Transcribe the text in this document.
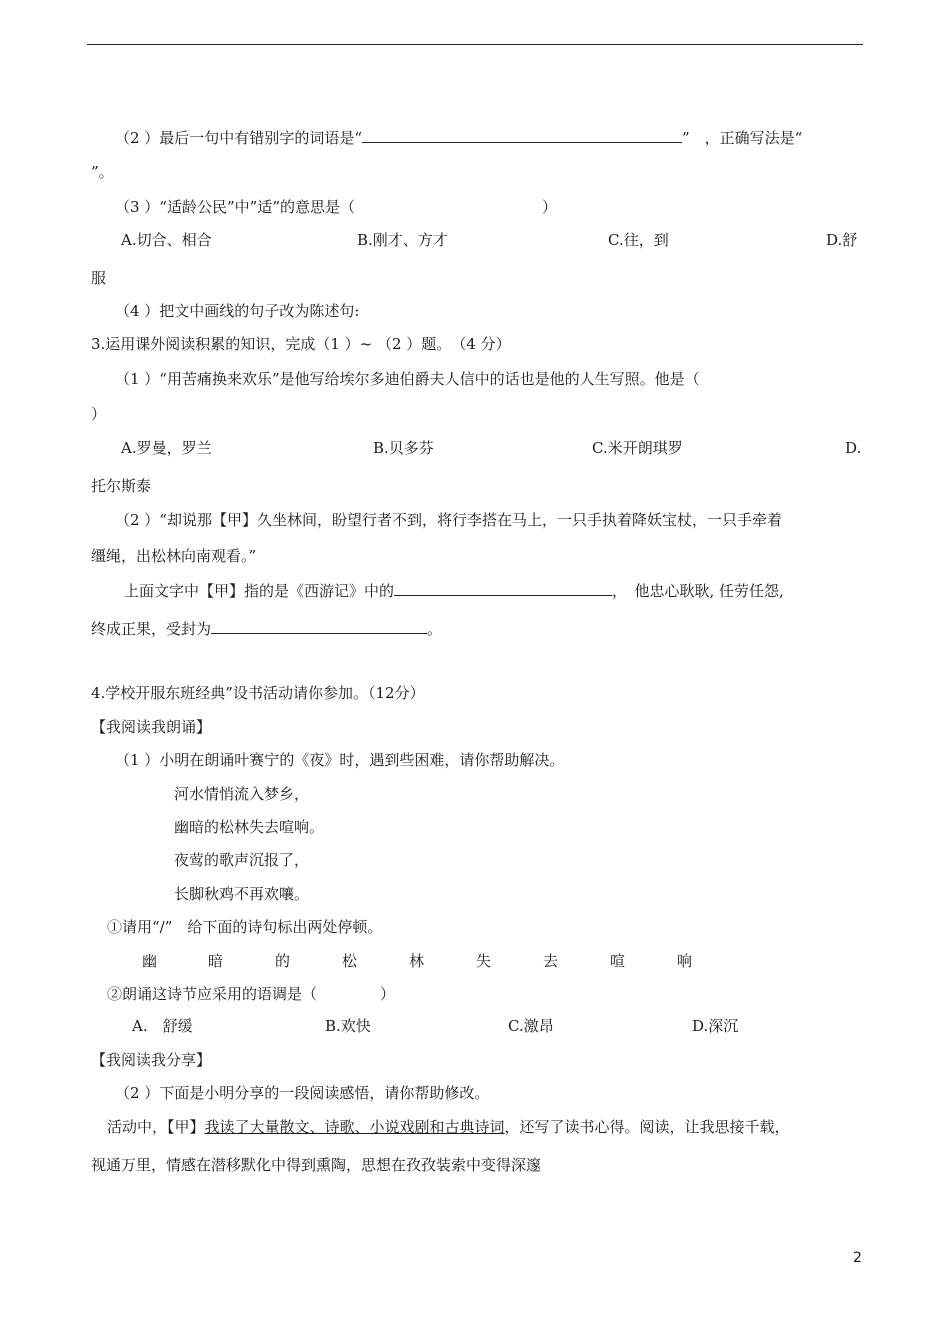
（2 ）最后一句中有错别字的词语是“	”　，正确写法是“
”。
（3 ）“适龄公民”中”适”的意思是（	）
A.切合、相合	B.刚才、方才	C.往，到	D.舒
服
（4 ）把文中画线的句子改为陈述句:
3.运用课外阅读积累的知识，完成（1 ）~ （2 ）题。　（4 分）
（1 ）“用苦痛换来欢乐”是他写给埃尔多迪伯爵夫人信中的话也是他的人生写照。他是（
）
A.罗曼，罗兰	B.贝多芬	C.米开朗琪罗	D.
托尔斯泰
（2 ）“却说那【甲】久坐林间，盼望行者不到，将行李搭在马上，一只手执着降妖宝杖，一只手牵着
缰绳，出松林向南观看。”
上面文字中【甲】指的是《西游记》中的	，　他忠心耿耿, 任劳任怨,
终成正果，受封为	。
4.学校开服东班经典”设书活动请你参加。（12分）
【我阅读我朗诵】
（1 ）小明在朗诵叶赛宁的《夜》时，遇到些困难，请你帮助解决。
河水情悄流入梦乡，
幽暗的松林失去喧响。
夜莺的歌声沉报了，
长脚秋鸡不再欢嚷。
①请用“/”　给下面的诗句标出两处停顿。
幽	暗	的	松	林	失	去	喧	响
②朗诵这诗节应采用的语调是（	）
A.　舒缓	B.欢快	C.激昂	D.深沉
【我阅读我分享】
（2 ）下面是小明分享的一段阅读感悟，请你帮助修改。
活动中，【甲】我读了大量散文、诗歌、小说戏剧和古典诗词，还写了读书心得。阅读，让我思接千载，
视通万里，情感在潜移默化中得到熏陶，思想在孜孜装索中变得深邃
2
